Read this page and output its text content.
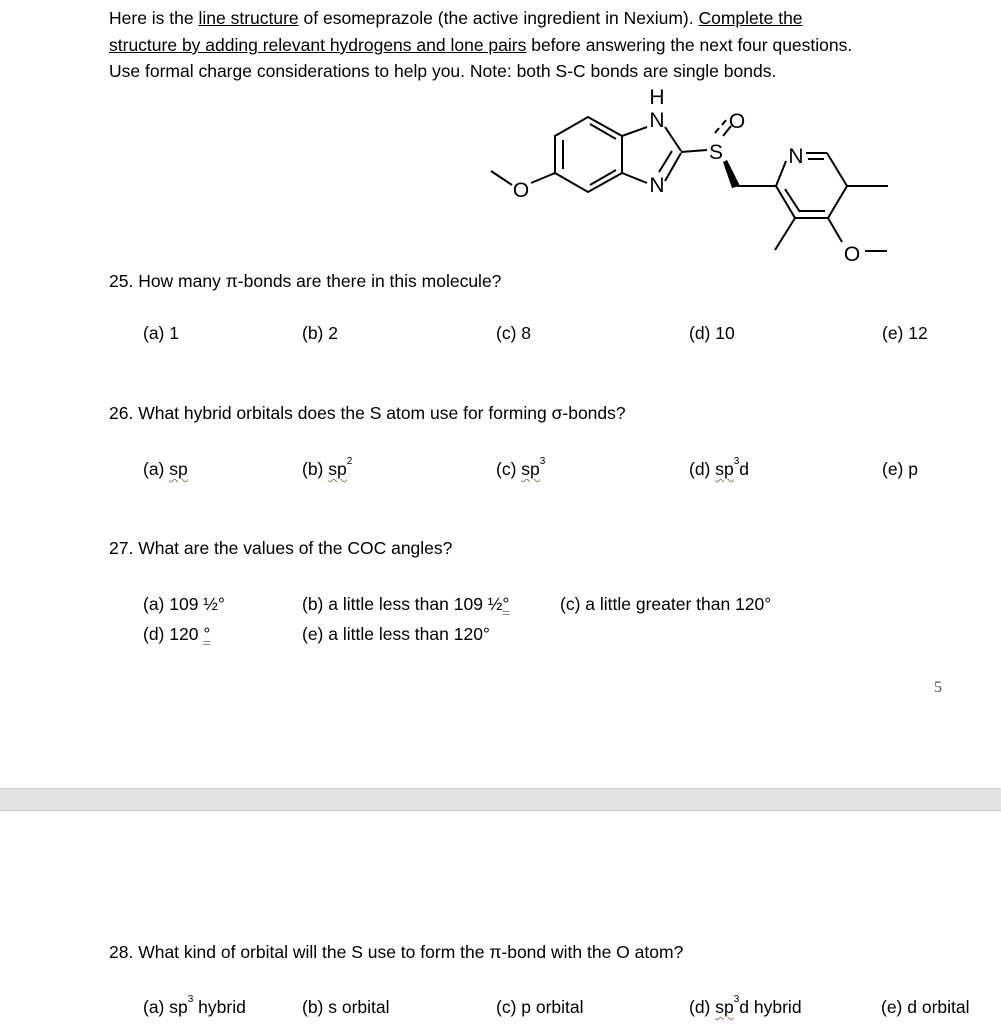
Here is the line structure of esomeprazole (the active ingredient in Nexium). Complete the
structure by adding relevant hydrogens and lone pairs before answering the next four questions.
Use formal charge considerations to help you. Note: both S-C bonds are single bonds.
H
N
N
S
O
O
N
O
25. How many π-bonds are there in this molecule?
(a) 1	(b) 2	(c) 8	(d) 10	(e) 12
26. What hybrid orbitals does the S atom use for forming σ-bonds?
(a) sp	(b) $sp^2$	(c) $sp^3$	(d) $sp^3d$	(e) p
27. What are the values of the COC angles?
(a) 109 ½°
(d) 120 °
(b) a little less than 109 ½°	(c) a little greater than 120°
(e) a little less than 120°
5
28. What kind of orbital will the S use to form the π-bond with the O atom?
(a) $sp^3$ hybrid	(b) s orbital	(c) p orbital	(d) $sp^3d$ hybrid	(e) d orbital
